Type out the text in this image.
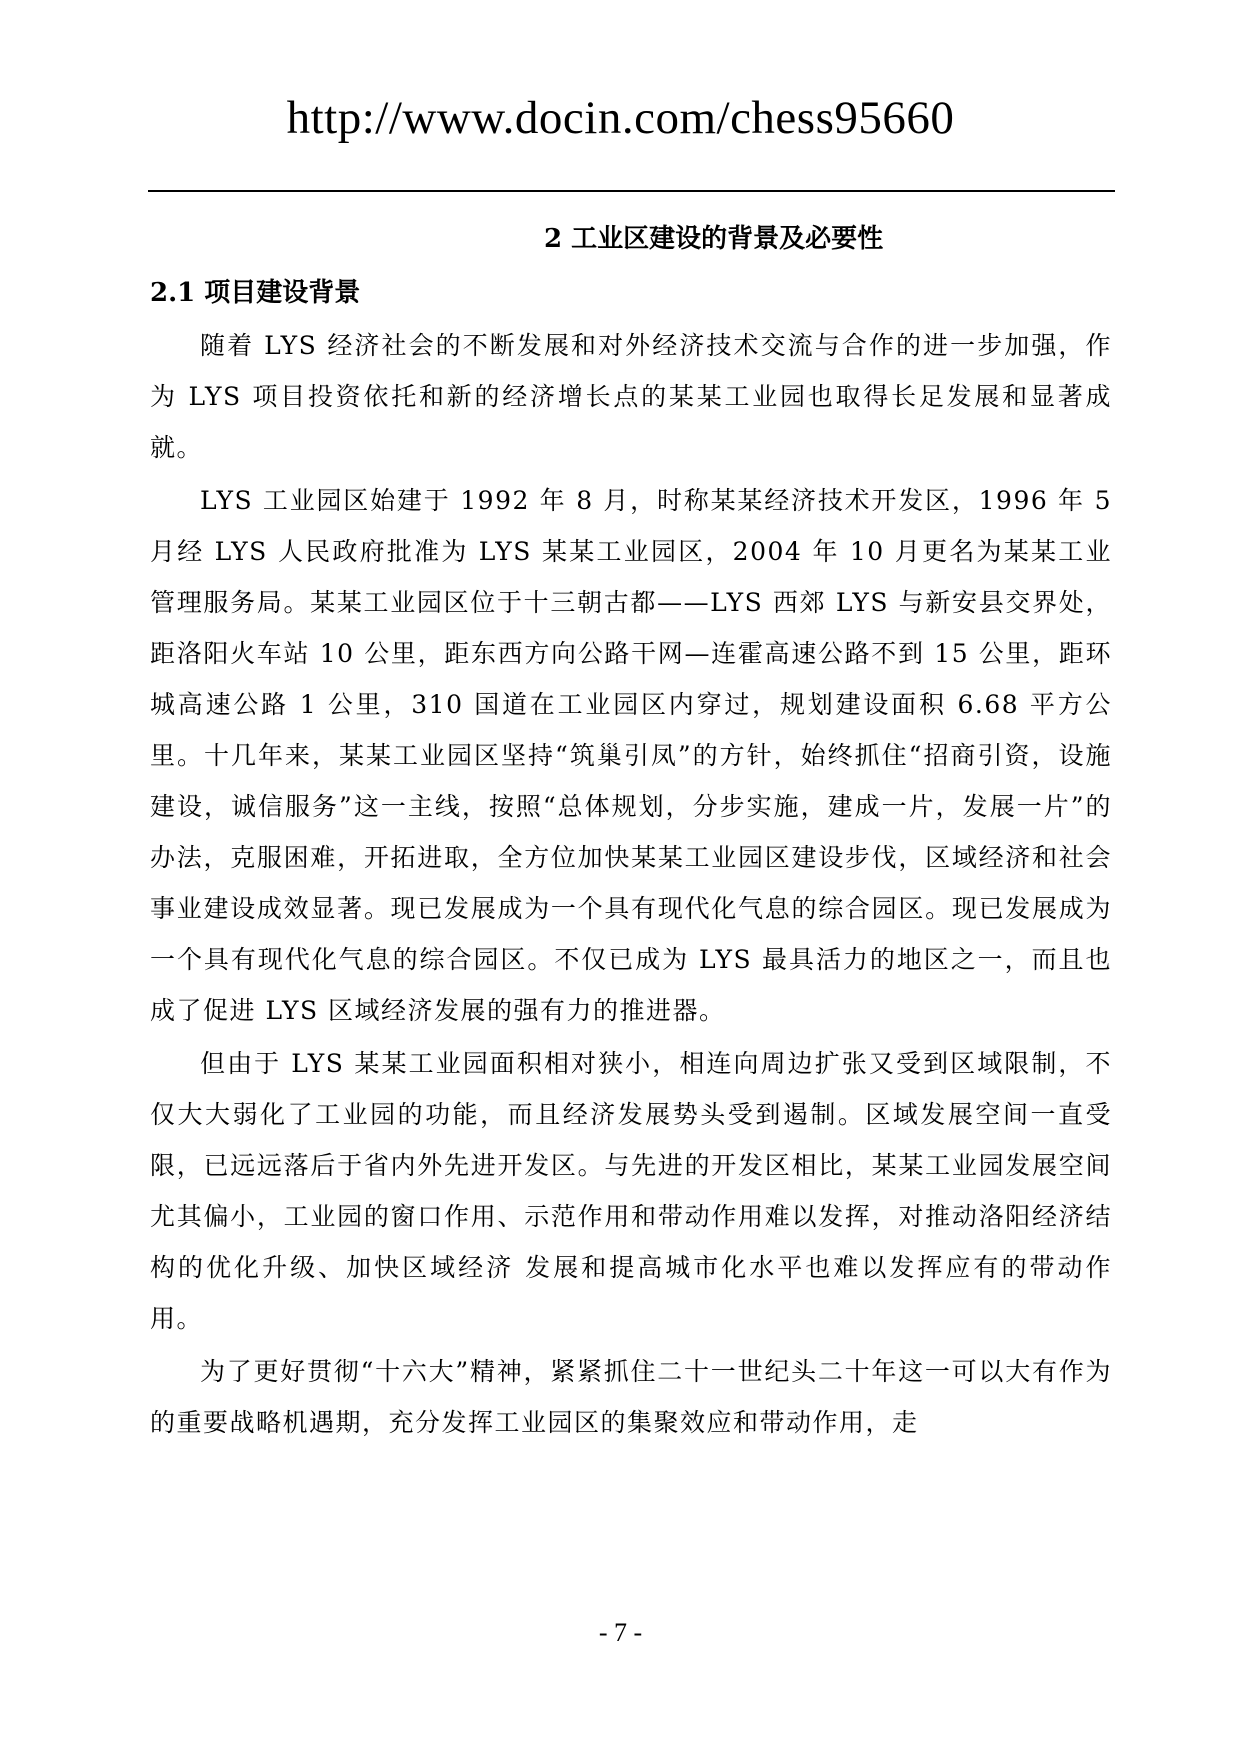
http://www.docin.com/chess95660
2 工业区建设的背景及必要性
2.1 项目建设背景

随着 LYS 经济社会的不断发展和对外经济技术交流与合作的进一步加强，作为 LYS 项目投资依托和新的经济增长点的某某工业园也取得长足发展和显著成就。

LYS 工业园区始建于 1992 年 8 月，时称某某经济技术开发区，1996 年 5 月经 LYS 人民政府批准为 LYS 某某工业园区，2004 年 10 月更名为某某工业管理服务局。某某工业园区位于十三朝古都——LYS 西郊 LYS 与新安县交界处，距洛阳火车站 10 公里，距东西方向公路干网—连霍高速公路不到 15 公里，距环城高速公路 1 公里，310 国道在工业园区内穿过，规划建设面积 6.68 平方公里。十几年来，某某工业园区坚持“筑巢引凤”的方针，始终抓住“招商引资，设施建设，诚信服务”这一主线，按照“总体规划，分步实施，建成一片，发展一片”的办法，克服困难，开拓进取，全方位加快某某工业园区建设步伐，区域经济和社会事业建设成效显著。现已发展成为一个具有现代化气息的综合园区。现已发展成为一个具有现代化气息的综合园区。不仅已成为 LYS 最具活力的地区之一，而且也成了促进 LYS 区域经济发展的强有力的推进器。

但由于 LYS 某某工业园面积相对狭小，相连向周边扩张又受到区域限制，不仅大大弱化了工业园的功能，而且经济发展势头受到遏制。区域发展空间一直受限，已远远落后于省内外先进开发区。与先进的开发区相比，某某工业园发展空间尤其偏小，工业园的窗口作用、示范作用和带动作用难以发挥，对推动洛阳经济结构的优化升级、加快区域经济 发展和提高城市化水平也难以发挥应有的带动作用。

为了更好贯彻“十六大”精神，紧紧抓住二十一世纪头二十年这一可以大有作为的重要战略机遇期，充分发挥工业园区的集聚效应和带动作用，走

- 7 -
